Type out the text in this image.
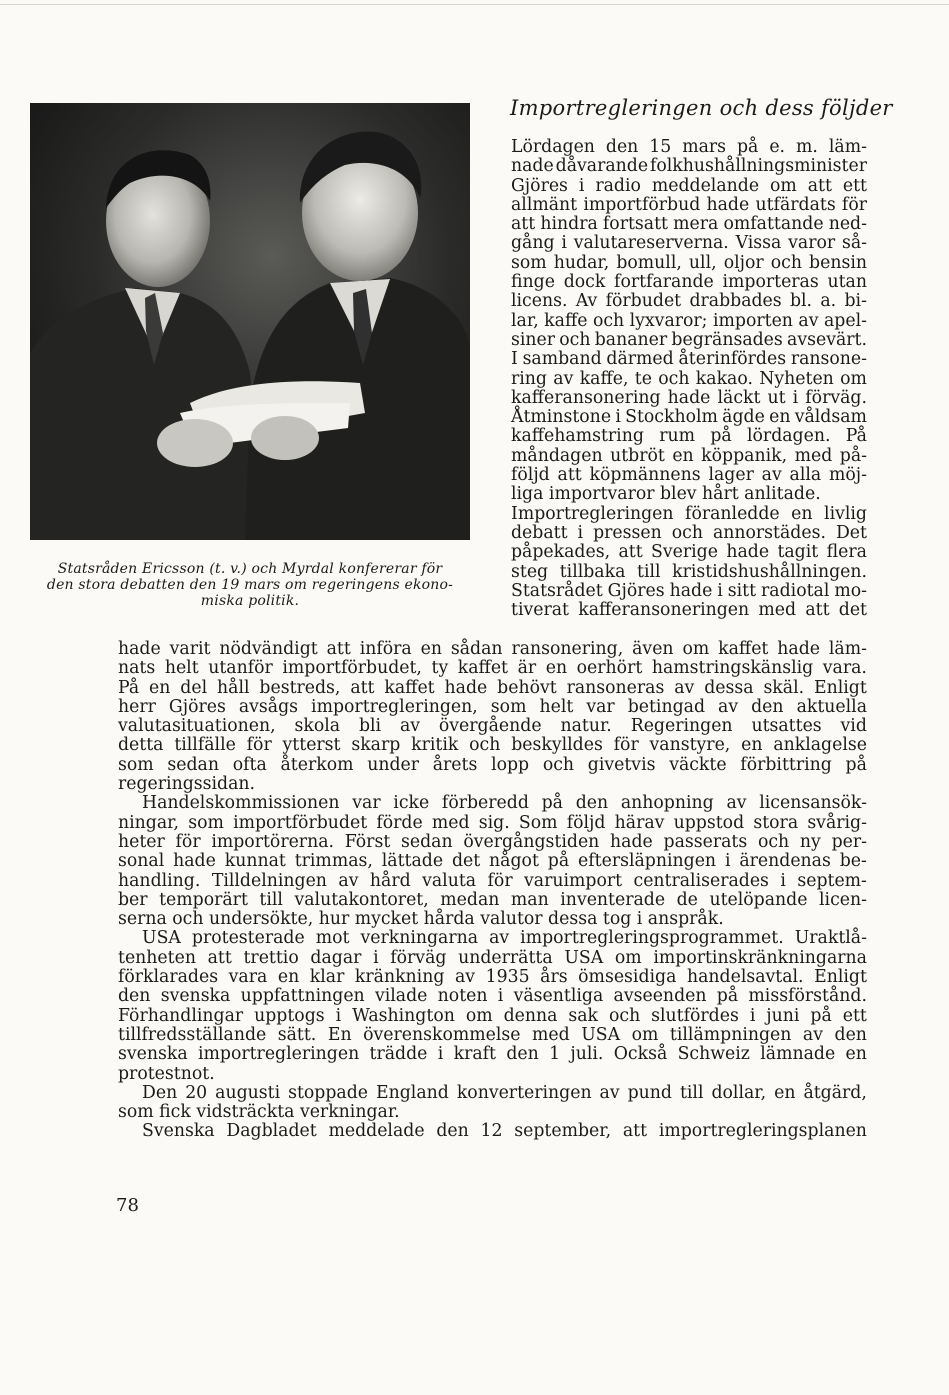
Statsråden Ericsson (t. v.) och Myrdal konfererar för
den stora debatten den 19 mars om regeringens ekono-
miska politik.
Importregleringen och dess följder
Lördagen den 15 mars på e. m. läm-
nade dåvarande folkhushållningsminister
Gjöres i radio meddelande om att ett
allmänt importförbud hade utfärdats för
att hindra fortsatt mera omfattande ned-
gång i valutareserverna. Vissa varor så-
som hudar, bomull, ull, oljor och bensin
finge dock fortfarande importeras utan
licens. Av förbudet drabbades bl. a. bi-
lar, kaffe och lyxvaror; importen av apel-
siner och bananer begränsades avsevärt.
I samband därmed återinfördes ransone-
ring av kaffe, te och kakao. Nyheten om
kafferansonering hade läckt ut i förväg.
Åtminstone i Stockholm ägde en våldsam
kaffehamstring rum på lördagen. På
måndagen utbröt en köppanik, med på-
följd att köpmännens lager av alla möj-
liga importvaror blev hårt anlitade.
Importregleringen föranledde en livlig
debatt i pressen och annorstädes. Det
påpekades, att Sverige hade tagit flera
steg tillbaka till kristidshushållningen.
Statsrådet Gjöres hade i sitt radiotal mo-
tiverat kafferansoneringen med att det
hade varit nödvändigt att införa en sådan ransonering, även om kaffet hade läm-
nats helt utanför importförbudet, ty kaffet är en oerhört hamstringskänslig vara.
På en del håll bestreds, att kaffet hade behövt ransoneras av dessa skäl. Enligt
herr Gjöres avsågs importregleringen, som helt var betingad av den aktuella
valutasituationen, skola bli av övergående natur. Regeringen utsattes vid
detta tillfälle för ytterst skarp kritik och beskylldes för vanstyre, en anklagelse
som sedan ofta återkom under årets lopp och givetvis väckte förbittring på
regeringssidan.
Handelskommissionen var icke förberedd på den anhopning av licensansök-
ningar, som importförbudet förde med sig. Som följd härav uppstod stora svårig-
heter för importörerna. Först sedan övergångstiden hade passerats och ny per-
sonal hade kunnat trimmas, lättade det något på eftersläpningen i ärendenas be-
handling. Tilldelningen av hård valuta för varuimport centraliserades i septem-
ber temporärt till valutakontoret, medan man inventerade de utelöpande licen-
serna och undersökte, hur mycket hårda valutor dessa tog i anspråk.
USA protesterade mot verkningarna av importregleringsprogrammet. Uraktlå-
tenheten att trettio dagar i förväg underrätta USA om importinskränkningarna
förklarades vara en klar kränkning av 1935 års ömsesidiga handelsavtal. Enligt
den svenska uppfattningen vilade noten i väsentliga avseenden på missförstånd.
Förhandlingar upptogs i Washington om denna sak och slutfördes i juni på ett
tillfredsställande sätt. En överenskommelse med USA om tillämpningen av den
svenska importregleringen trädde i kraft den 1 juli. Också Schweiz lämnade en
protestnot.
Den 20 augusti stoppade England konverteringen av pund till dollar, en åtgärd,
som fick vidsträckta verkningar.
Svenska Dagbladet meddelade den 12 september, att importregleringsplanen
78
